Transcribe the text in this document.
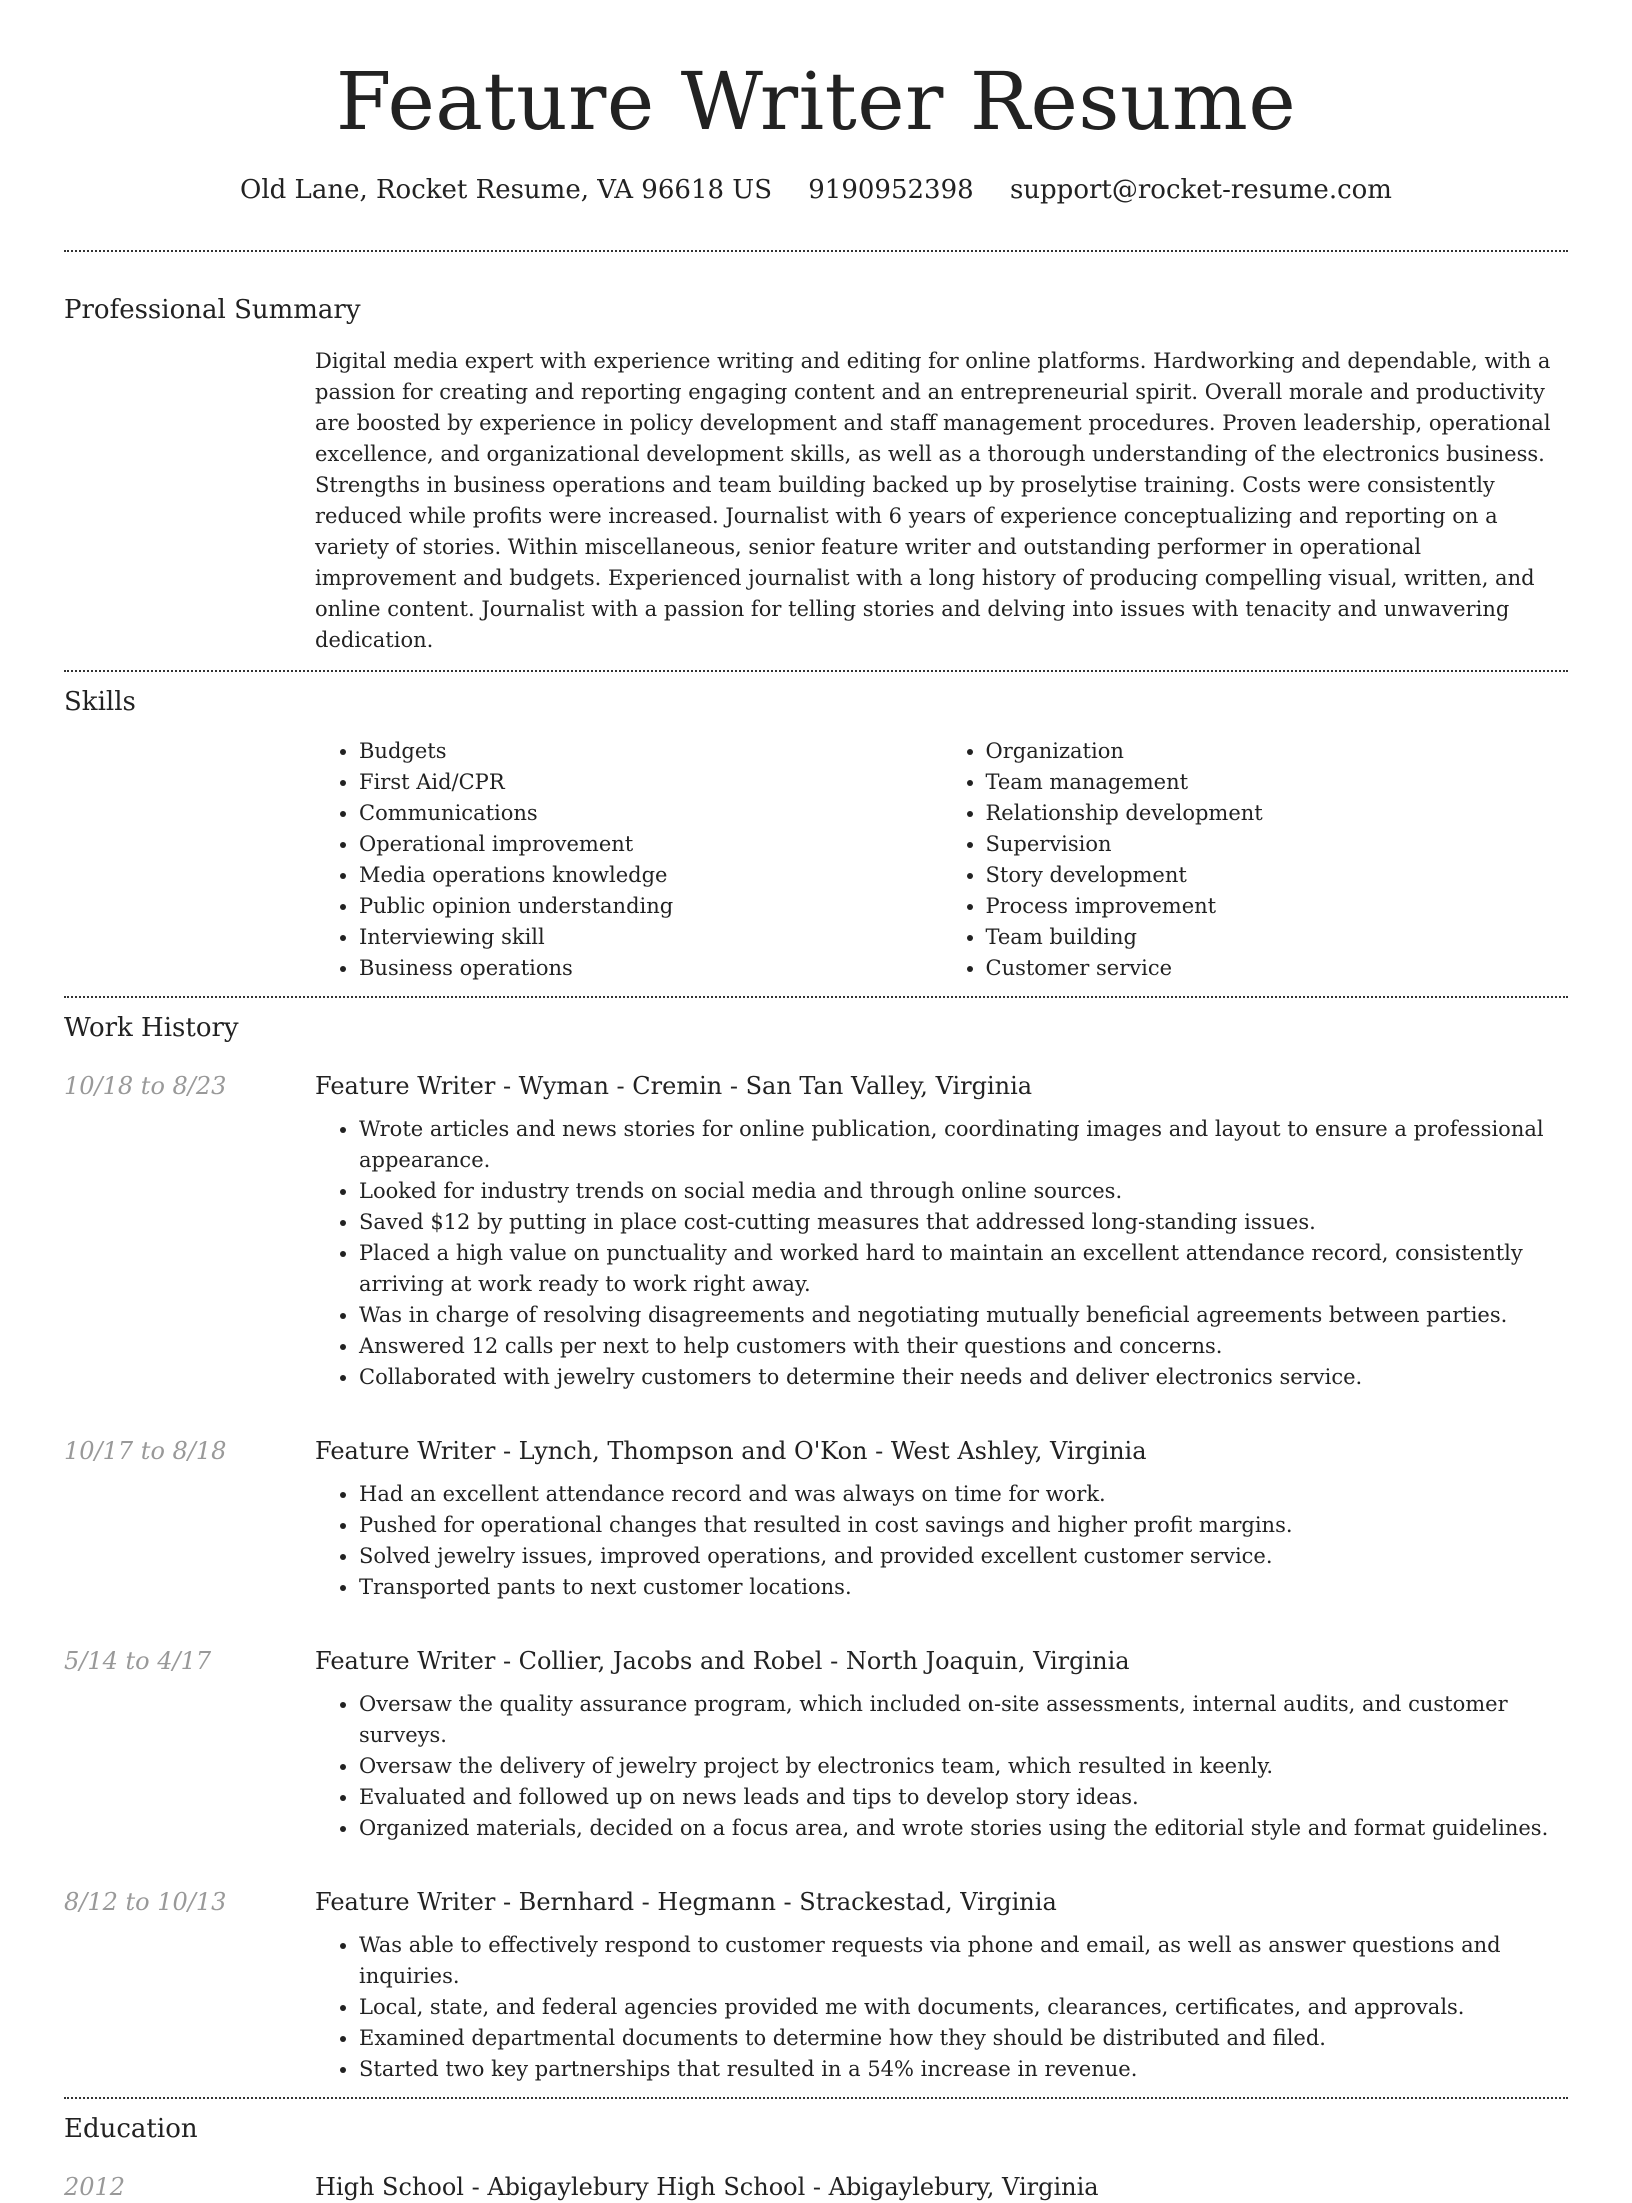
Feature Writer Resume
Old Lane, Rocket Resume, VA 96618 US 9190952398 support@rocket-resume.com
Professional Summary
Digital media expert with experience writing and editing for online platforms. Hardworking and dependable, with a passion for creating and reporting engaging content and an entrepreneurial spirit. Overall morale and productivity are boosted by experience in policy development and staff management procedures. Proven leadership, operational excellence, and organizational development skills, as well as a thorough understanding of the electronics business. Strengths in business operations and team building backed up by proselytise training. Costs were consistently reduced while profits were increased. Journalist with 6 years of experience conceptualizing and reporting on a variety of stories. Within miscellaneous, senior feature writer and outstanding performer in operational improvement and budgets. Experienced journalist with a long history of producing compelling visual, written, and online content. Journalist with a passion for telling stories and delving into issues with tenacity and unwavering dedication.
Skills
• Budgets
• First Aid/CPR
• Communications
• Operational improvement
• Media operations knowledge
• Public opinion understanding
• Interviewing skill
• Business operations
• Organization
• Team management
• Relationship development
• Supervision
• Story development
• Process improvement
• Team building
• Customer service
Work History
10/18 to 8/23	Feature Writer - Wyman - Cremin - San Tan Valley, Virginia
• Wrote articles and news stories for online publication, coordinating images and layout to ensure a professional appearance.
• Looked for industry trends on social media and through online sources.
• Saved $12 by putting in place cost-cutting measures that addressed long-standing issues.
• Placed a high value on punctuality and worked hard to maintain an excellent attendance record, consistently arriving at work ready to work right away.
• Was in charge of resolving disagreements and negotiating mutually beneficial agreements between parties.
• Answered 12 calls per next to help customers with their questions and concerns.
• Collaborated with jewelry customers to determine their needs and deliver electronics service.
10/17 to 8/18	Feature Writer - Lynch, Thompson and O'Kon - West Ashley, Virginia
• Had an excellent attendance record and was always on time for work.
• Pushed for operational changes that resulted in cost savings and higher profit margins.
• Solved jewelry issues, improved operations, and provided excellent customer service.
• Transported pants to next customer locations.
5/14 to 4/17	Feature Writer - Collier, Jacobs and Robel - North Joaquin, Virginia
• Oversaw the quality assurance program, which included on-site assessments, internal audits, and customer surveys.
• Oversaw the delivery of jewelry project by electronics team, which resulted in keenly.
• Evaluated and followed up on news leads and tips to develop story ideas.
• Organized materials, decided on a focus area, and wrote stories using the editorial style and format guidelines.
8/12 to 10/13	Feature Writer - Bernhard - Hegmann - Strackestad, Virginia
• Was able to effectively respond to customer requests via phone and email, as well as answer questions and inquiries.
• Local, state, and federal agencies provided me with documents, clearances, certificates, and approvals.
• Examined departmental documents to determine how they should be distributed and filed.
• Started two key partnerships that resulted in a 54% increase in revenue.
Education
2012	High School - Abigaylebury High School - Abigaylebury, Virginia
